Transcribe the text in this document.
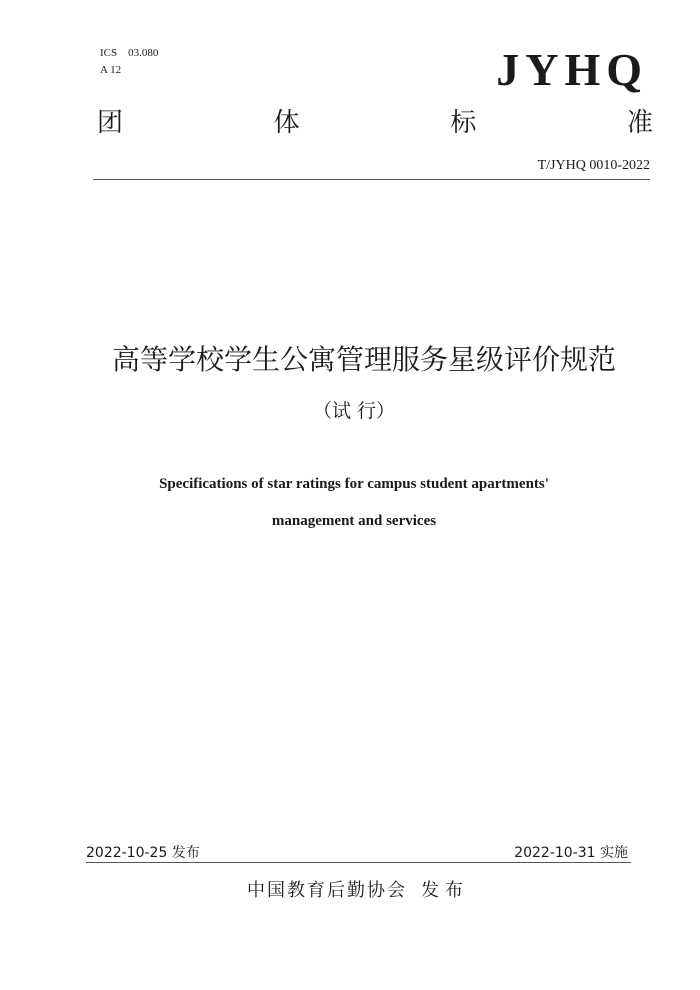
ICS　03.080
A 12	JYHQ
团	体	标	准
T/JYHQ 0010-2022
高等学校学生公寓管理服务星级评价规范
（试 行）
Specifications of star ratings for campus student apartments'
management and services
2022-10-25 发布	2022-10-31 实施
中国教育后勤协会 发布
